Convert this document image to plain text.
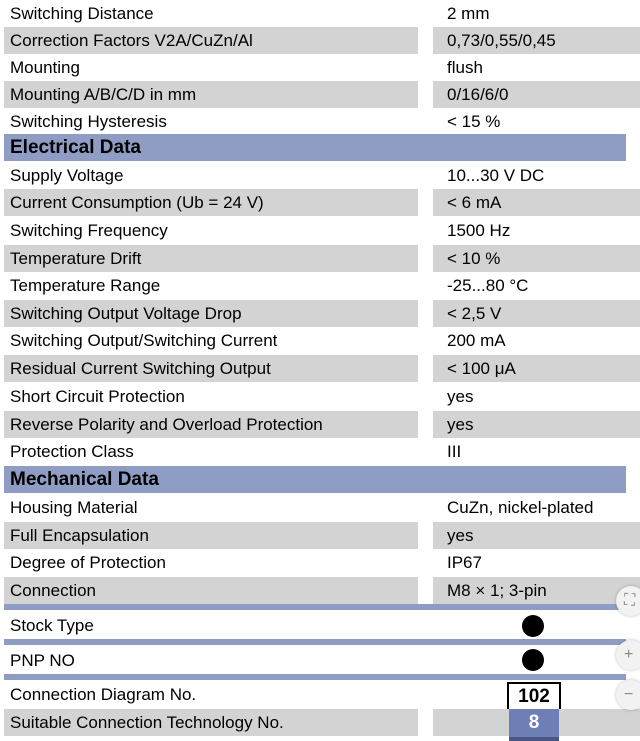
Switching Distance	2 mm
Correction Factors V2A/CuZn/Al	0,73/0,55/0,45
Mounting	flush
Mounting A/B/C/D in mm	0/16/6/0
Switching Hysteresis	< 15 %
Electrical Data
Supply Voltage	10...30 V DC
Current Consumption (Ub = 24 V)	< 6 mA
Switching Frequency	1500 Hz
Temperature Drift	< 10 %
Temperature Range	-25...80 °C
Switching Output Voltage Drop	< 2,5 V
Switching Output/Switching Current	200 mA
Residual Current Switching Output	< 100 μA
Short Circuit Protection	yes
Reverse Polarity and Overload Protection	yes
Protection Class	III
Mechanical Data
Housing Material	CuZn, nickel-plated
Full Encapsulation	yes
Degree of Protection	IP67
Connection	M8 × 1; 3-pin
Stock Type
PNP NO
Connection Diagram No.	102
Suitable Connection Technology No.	8
⛶
+
−
